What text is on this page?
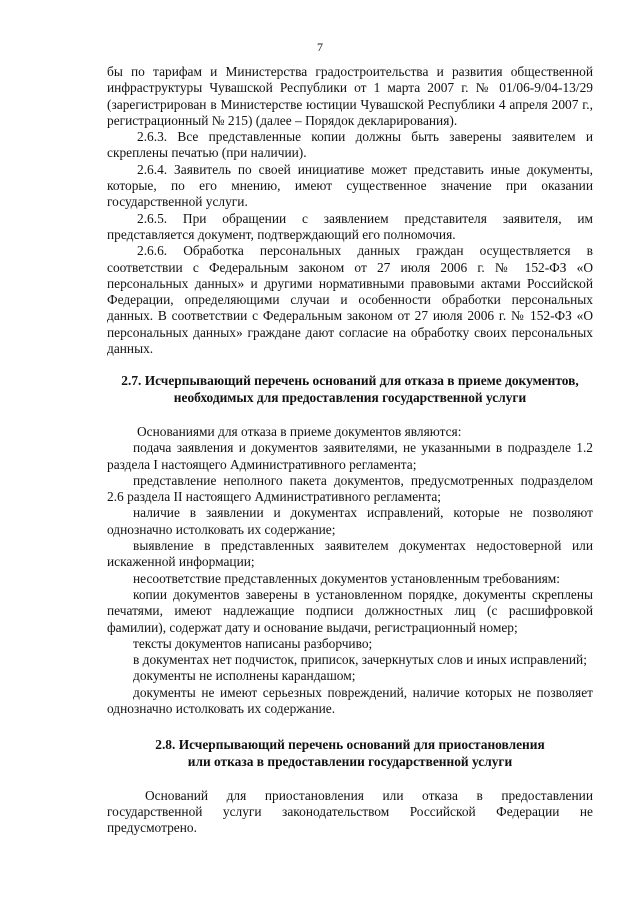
7

бы по тарифам и Министерства градостроительства и развития общественной инфраструктуры Чувашской Республики от 1 марта 2007 г. № 01/06-9/04-13/29 (зарегистрирован в Министерстве юстиции Чувашской Республики 4 апреля 2007 г., регистрационный № 215) (далее – Порядок декларирования).

2.6.3. Все представленные копии должны быть заверены заявителем и скреплены печатью (при наличии).

2.6.4. Заявитель по своей инициативе может представить иные документы, которые, по его мнению, имеют существенное значение при оказании государственной услуги.

2.6.5. При обращении с заявлением представителя заявителя, им представляется документ, подтверждающий его полномочия.

2.6.6. Обработка персональных данных граждан осуществляется в соответствии с Федеральным законом от 27 июля 2006 г. № 152-ФЗ «О персональных данных» и другими нормативными правовыми актами Российской Федерации, определяющими случаи и особенности обработки персональных данных. В соответствии с Федеральным законом от 27 июля 2006 г. № 152-ФЗ «О персональных данных» граждане дают согласие на обработку своих персональных данных.

2.7. Исчерпывающий перечень оснований для отказа в приеме документов,

необходимых для предоставления государственной услуги

Основаниями для отказа в приеме документов являются:

подача заявления и документов заявителями, не указанными в подразделе 1.2 раздела I настоящего Административного регламента;

представление неполного пакета документов, предусмотренных подразделом 2.6 раздела II настоящего Административного регламента;

наличие в заявлении и документах исправлений, которые не позволяют однозначно истолковать их содержание;

выявление в представленных заявителем документах недостоверной или искаженной информации;

несоответствие представленных документов установленным требованиям:

копии документов заверены в установленном порядке, документы скреплены печатями, имеют надлежащие подписи должностных лиц (с расшифровкой фамилии), содержат дату и основание выдачи, регистрационный номер;

тексты документов написаны разборчиво;

в документах нет подчисток, приписок, зачеркнутых слов и иных исправлений;

документы не исполнены карандашом;

документы не имеют серьезных повреждений, наличие которых не позволяет однозначно истолковать их содержание.

2.8. Исчерпывающий перечень оснований для приостановления

или отказа в предоставлении государственной услуги

Оснований для приостановления или отказа в предоставлении государственной услуги законодательством Российской Федерации не предусмотрено.
